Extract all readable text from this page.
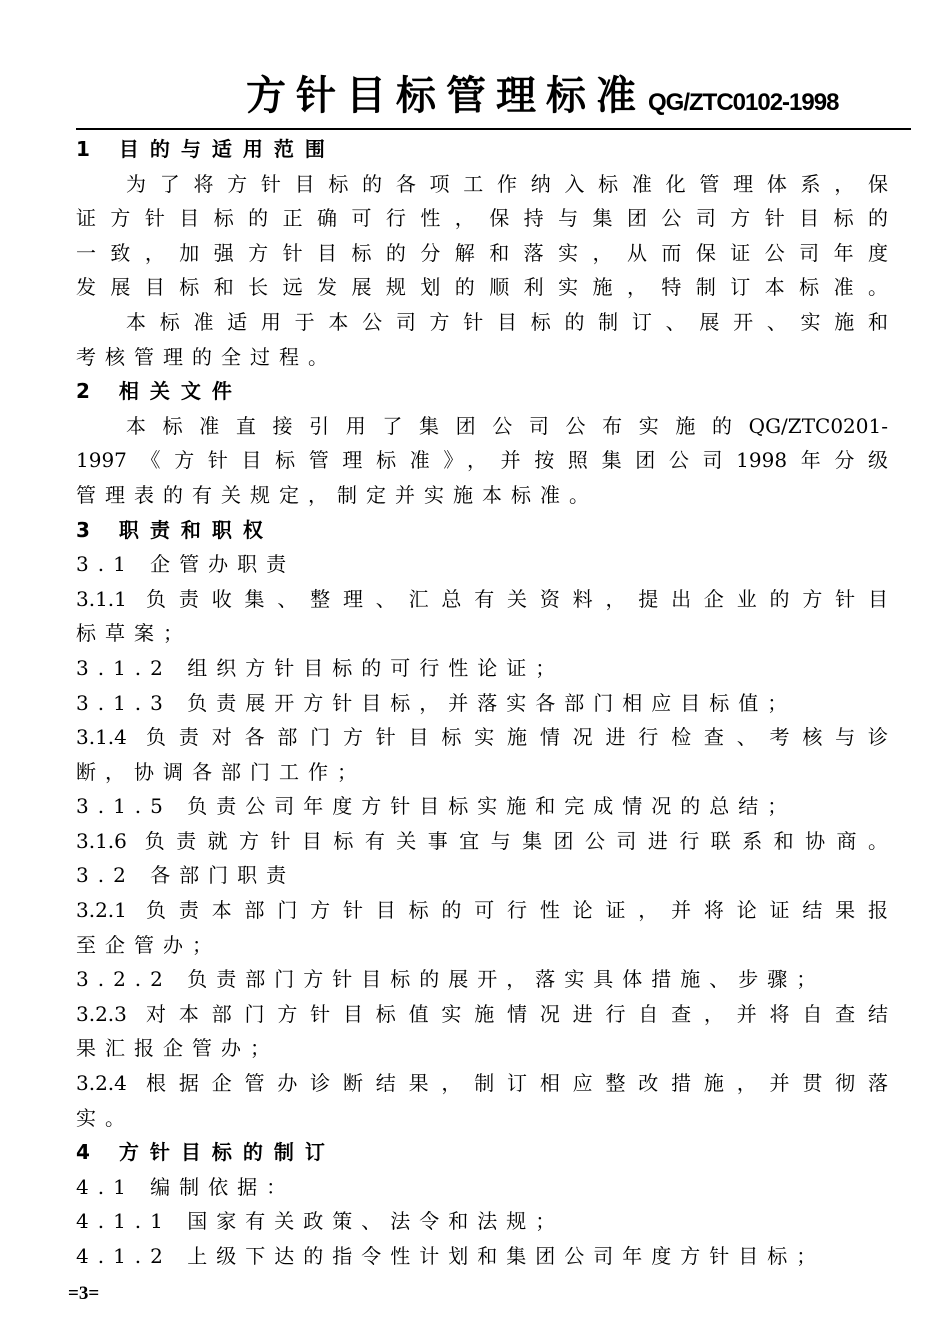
方针目标管理标准 QG/ZTC0102-1998
1 目的与适用范围
为了将方针目标的各项工作纳入标准化管理体系，保
证方针目标的正确可行性，保持与集团公司方针目标的
一致，加强方针目标的分解和落实，从而保证公司年度
发展目标和长远发展规划的顺利实施，特制订本标准。
本标准适用于本公司方针目标的制订、展开、实施和
考核管理的全过程。
2 相关文件
本标准直接引用了集团公司公布实施的QG/ZTC0201-
1997《方针目标管理标准》，并按照集团公司1998年分级
管理表的有关规定，制定并实施本标准。
3 职责和职权
3.1 企管办职责
3.1.1 负责收集、整理、汇总有关资料，提出企业的方针目
标草案；
3.1.2 组织方针目标的可行性论证；
3.1.3 负责展开方针目标，并落实各部门相应目标值；
3.1.4 负责对各部门方针目标实施情况进行检查、考核与诊
断，协调各部门工作；
3.1.5 负责公司年度方针目标实施和完成情况的总结；
3.1.6 负责就方针目标有关事宜与集团公司进行联系和协商。
3.2 各部门职责
3.2.1 负责本部门方针目标的可行性论证，并将论证结果报
至企管办；
3.2.2 负责部门方针目标的展开，落实具体措施、步骤；
3.2.3 对本部门方针目标值实施情况进行自查，并将自查结
果汇报企管办；
3.2.4 根据企管办诊断结果，制订相应整改措施，并贯彻落
实。
4 方针目标的制订
4.1 编制依据：
4.1.1 国家有关政策、法令和法规；
4.1.2 上级下达的指令性计划和集团公司年度方针目标；
=3=
